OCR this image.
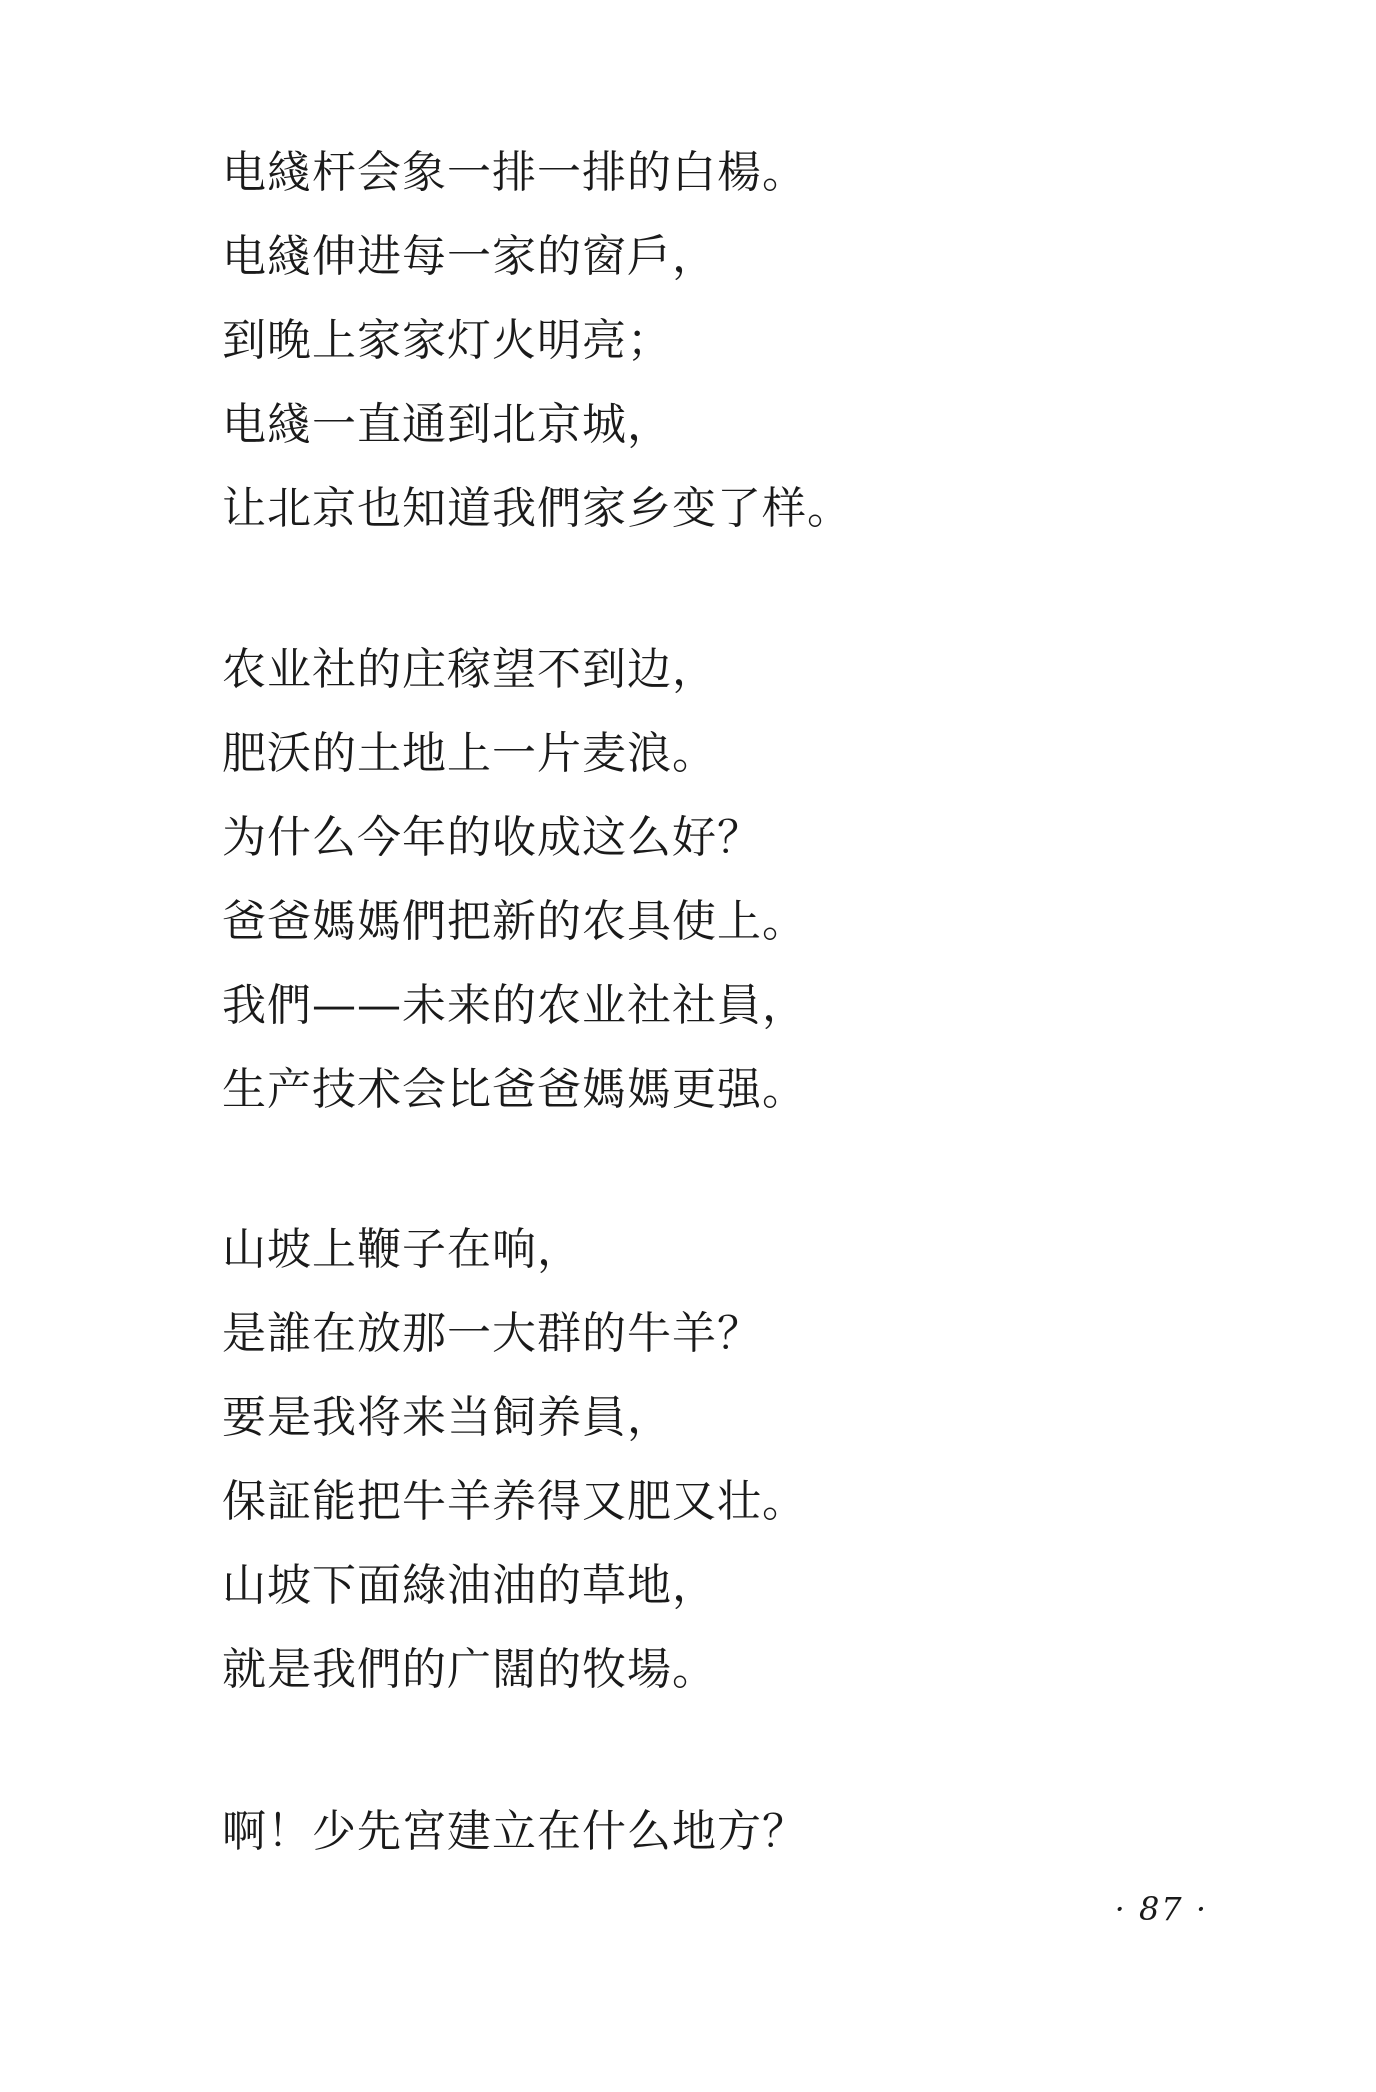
电綫杆会象一排一排的白楊。
电綫伸进每一家的窗戶，
到晚上家家灯火明亮；
电綫一直通到北京城，
让北京也知道我們家乡变了样。
农业社的庄稼望不到边，
肥沃的土地上一片麦浪。
为什么今年的收成这么好？
爸爸媽媽們把新的农具使上。
我們——未来的农业社社員，
生产技术会比爸爸媽媽更强。
山坡上鞭子在响，
是誰在放那一大群的牛羊？
要是我将来当飼养員，
保証能把牛羊养得又肥又壮。
山坡下面綠油油的草地，
就是我們的广闊的牧場。
啊！少先宮建立在什么地方？
· 87 ·
